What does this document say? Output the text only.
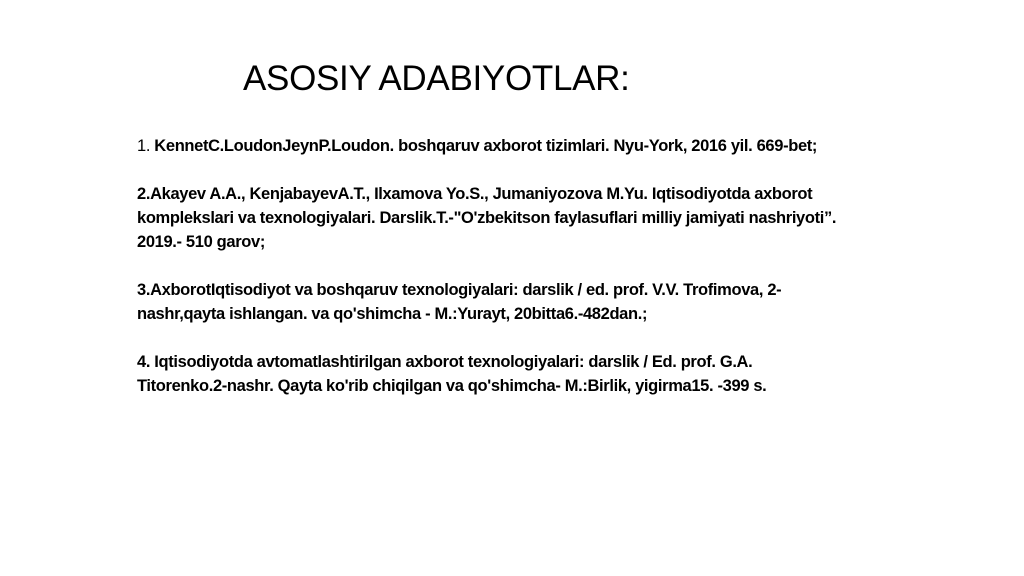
ASOSIY ADABIYOTLAR:
1. KennetC.LoudonJeynP.Loudon. boshqaruv axborot tizimlari. Nyu-York, 2016 yil. 669-bet;
2.Akayev A.A., KenjabayevA.T., Ilxamova Yo.S., Jumaniyozova M.Yu. Iqtisodiyotda axborot komplekslari va texnologiyalari. Darslik.T.-"O'zbekitson faylasuflari milliy jamiyati nashriyoti”. 2019.- 510 garov;
3.AxborotIqtisodiyot va boshqaruv texnologiyalari: darslik / ed. prof. V.V. Trofimova, 2-nashr,qayta ishlangan. va qo'shimcha - M.:Yurayt, 20bitta6.-482dan.;
4. Iqtisodiyotda avtomatlashtirilgan axborot texnologiyalari: darslik / Ed. prof. G.A. Titorenko.2-nashr. Qayta ko'rib chiqilgan va qo'shimcha- M.:Birlik, yigirma15. -399 s.
